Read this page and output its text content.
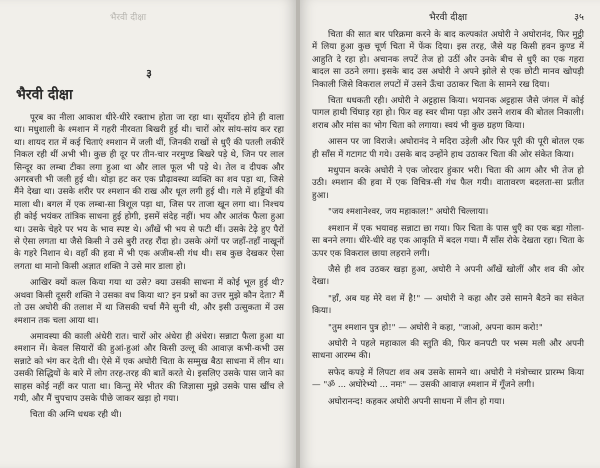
भैरवी दीक्षा
३
भैरवी दीक्षा

पूरब का नीला आकाश धीरे-धीरे रक्ताभ होता जा रहा था। सूर्योदय होने ही वाला था। मधुशाली के श्मशान में गहरी नीरवता बिखरी हुई थी। चारों ओर सांय-सांय कर रहा था। शायद रात में कई चिताएं श्मशान में जली थीं, जिनकी राखों से धुएँ की पतली लकीरें निकल रही थीं अभी भी। कुछ ही दूर पर तीन-चार नरमुण्ड बिखरे पड़े थे, जिन पर लाल सिन्दूर का लम्बा टीका लगा हुआ था और लाल फूल भी पड़े थे। तेल व दीपक और अगरबत्ती भी जली हुई थी। थोड़ा हट कर एक प्रौढ़ावस्था व्यक्ति का शव पड़ा था, जिसे मैंने देखा था। उसके शरीर पर श्मशान की राख और धूल लगी हुई थी। गले में हड्डियों की माला थी। बगल में एक लम्बा-सा त्रिशूल पड़ा था, जिस पर ताजा खून लगा था। निश्चय ही कोई भयंकर तांत्रिक साधना हुई होगी, इसमें संदेह नहीं। भय और आतंक फैला हुआ था। उसके चेहरे पर भय के भाव स्पष्ट थे। आँखें भी भय से फटी थीं। उसके टेढ़े हुए पैरों से ऐसा लगता था जैसे किसी ने उसे बुरी तरह रौंदा हो। उसके अंगों पर जहाँ-तहाँ नाखूनों के गहरे निशान थे। वहाँ की हवा में भी एक अजीब-सी गंध थी। सब कुछ देखकर ऐसा लगता था मानो किसी अज्ञात शक्ति ने उसे मार डाला हो।

आखिर क्यों कत्ल किया गया था उसे? क्या उसकी साधना में कोई भूल हुई थी? अथवा किसी दूसरी शक्ति ने उसका वध किया था? इन प्रश्नों का उत्तर मुझे कौन देता? मैं तो उस अघोरी की तलाश में था जिसकी चर्चा मैंने सुनी थी, और इसी उत्सुकता में उस श्मशान तक चला आया था।

अमावस्या की काली अंधेरी रात। चारों ओर अंधेरा ही अंधेरा। सन्नाटा फैला हुआ था श्मशान में। केवल सियारों की हुआं-हुआं और किसी उल्लू की आवाज़ कभी-कभी उस सन्नाटे को भंग कर देती थी। ऐसे में एक अघोरी चिता के सम्मुख बैठा साधना में लीन था। उसकी सिद्धियों के बारे में लोग तरह-तरह की बातें करते थे। इसलिए उसके पास जाने का साहस कोई नहीं कर पाता था। किन्तु मेरे भीतर की जिज्ञासा मुझे उसके पास खींच ले गयी, और मैं चुपचाप उसके पीछे जाकर खड़ा हो गया।

चिता की अग्नि धधक रही थी।

भैरवी दीक्षा	३५

चिता की सात बार परिक्रमा करने के बाद कल्पकांत अघोरी ने अघोरानंद, फिर मुट्ठी में लिया हुआ कुछ चूर्ण चिता में फेंक दिया। इस तरह, जैसे यह किसी हवन कुण्ड में आहुति दे रहा हो। अचानक लपटें तेज हो उठीं और उनके बीच से धुएँ का एक गहरा बादल सा उठने लगा। इसके बाद उस अघोरी ने अपने झोले से एक छोटी मानव खोपड़ी निकाली जिसे विकराल लपटों में उसने ऊँचा उठाकर चिता के सामने रख दिया।

चिता धधकती रही। अघोरी ने अट्टहास किया। भयानक अट्टहास जैसे जंगल में कोई पागल हाथी चिंघाड़ रहा हो। फिर वह स्वर धीमा पड़ा और उसने शराब की बोतल निकाली। शराब और मांस का भोग चिता को लगाया। स्वयं भी कुछ ग्रहण किया।

आसन पर जा विराजे। अघोरानंद ने मदिरा उड़ेली और फिर पूरी की पूरी बोतल एक ही साँस में गटागट पी गये। उसके बाद उन्होंने हाथ उठाकर चिता की ओर संकेत किया।

मधुपान करके अघोरी ने एक जोरदार हुंकार भरी। चिता की आग और भी तेज हो उठी। श्मशान की हवा में एक विचित्र-सी गंध फैल गयी। वातावरण बदलता-सा प्रतीत हुआ।

"जय श्मशानेश्वर, जय महाकाल!" अघोरी चिल्लाया।

श्मशान में एक भयावह सन्नाटा छा गया। फिर चिता के पास धुएँ का एक बड़ा गोला-सा बनने लगा। धीरे-धीरे वह एक आकृति में बदल गया। मैं साँस रोके देखता रहा। चिता के ऊपर एक विकराल छाया लहराने लगी।

जैसे ही शव उठकर खड़ा हुआ, अघोरी ने अपनी आँखें खोलीं और शव की ओर देखा।

"हाँ, अब यह मेरे वश में है!" — अघोरी ने कहा और उसे सामने बैठने का संकेत किया।

"तुम श्मशान पुत्र हो!" — अघोरी ने कहा, "जाओ, अपना काम करो!"

अघोरी ने पहले महाकाल की स्तुति की, फिर कनपटी पर भस्म मली और अपनी साधना आरम्भ की।

सफेद कपड़े में लिपटा शव अब उसके सामने था। अघोरी ने मंत्रोच्चार प्रारम्भ किया — "ॐ ... अघोरेभ्यो ... नमः" — उसकी आवाज़ श्मशान में गूँजने लगी।

अघोरानन्द! कहकर अघोरी अपनी साधना में लीन हो गया।
